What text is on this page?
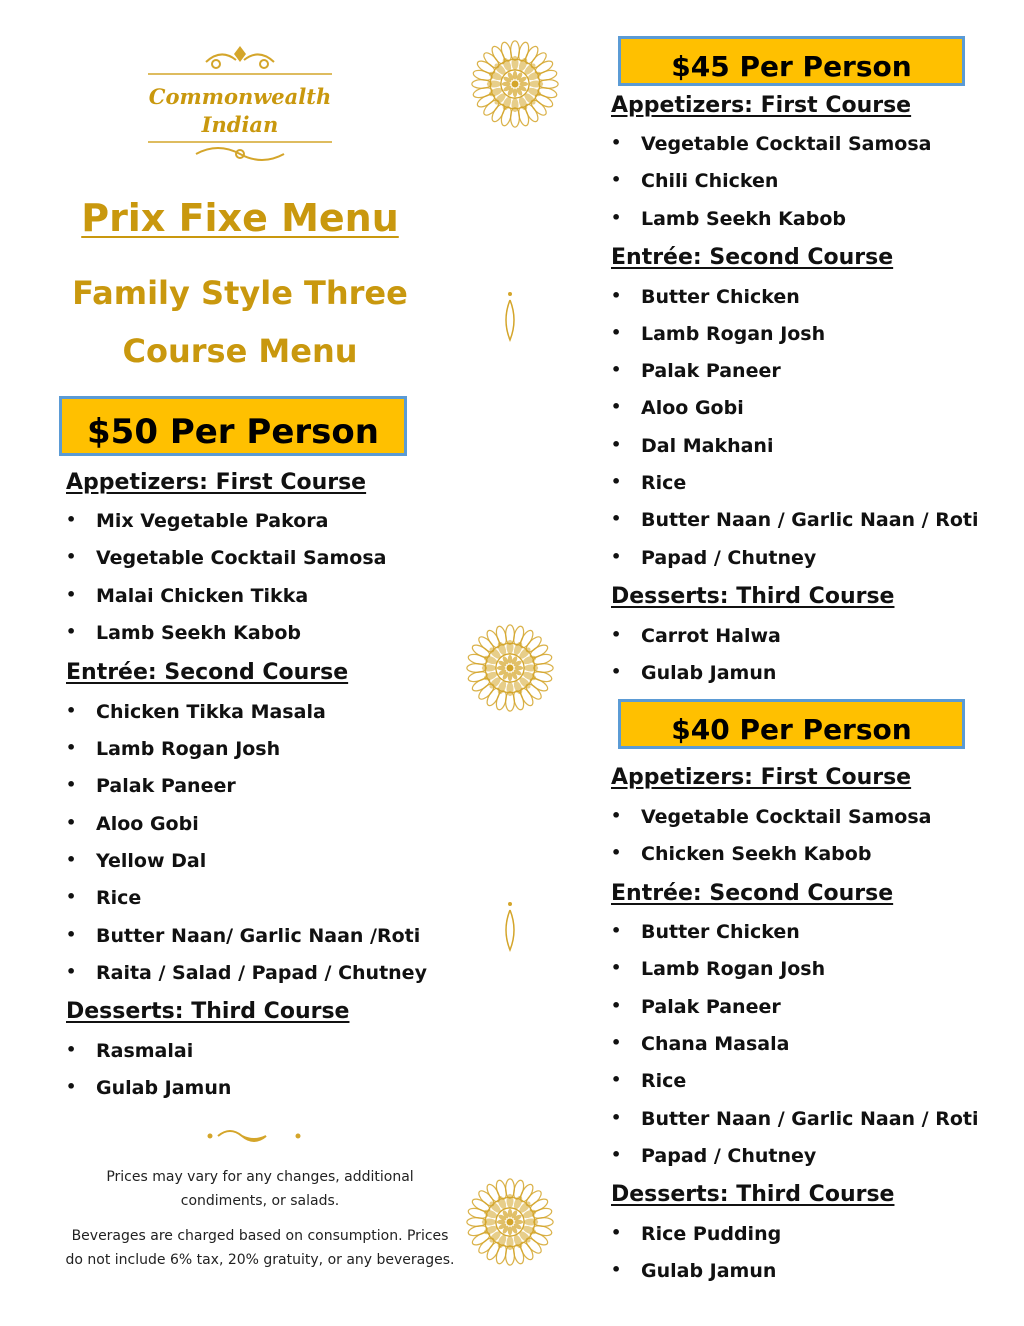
Commonwealth
Indian
Prix Fixe Menu
Family Style Three
Course Menu
$50 Per Person
Appetizers: First Course
• Mix Vegetable Pakora
• Vegetable Cocktail Samosa
• Malai Chicken Tikka
• Lamb Seekh Kabob
Entrée: Second Course
• Chicken Tikka Masala
• Lamb Rogan Josh
• Palak Paneer
• Aloo Gobi
• Yellow Dal
• Rice
• Butter Naan/ Garlic Naan /Roti
• Raita / Salad / Papad / Chutney
Desserts: Third Course
• Rasmalai
• Gulab Jamun
Prices may vary for any changes, additional condiments, or salads.
Beverages are charged based on consumption. Prices do not include 6% tax, 20% gratuity, or any beverages.
$45 Per Person
Appetizers: First Course
• Vegetable Cocktail Samosa
• Chili Chicken
• Lamb Seekh Kabob
Entrée: Second Course
• Butter Chicken
• Lamb Rogan Josh
• Palak Paneer
• Aloo Gobi
• Dal Makhani
• Rice
• Butter Naan / Garlic Naan / Roti
• Papad / Chutney
Desserts: Third Course
• Carrot Halwa
• Gulab Jamun
$40 Per Person
Appetizers: First Course
• Vegetable Cocktail Samosa
• Chicken Seekh Kabob
Entrée: Second Course
• Butter Chicken
• Lamb Rogan Josh
• Palak Paneer
• Chana Masala
• Rice
• Butter Naan / Garlic Naan / Roti
• Papad / Chutney
Desserts: Third Course
• Rice Pudding
• Gulab Jamun
